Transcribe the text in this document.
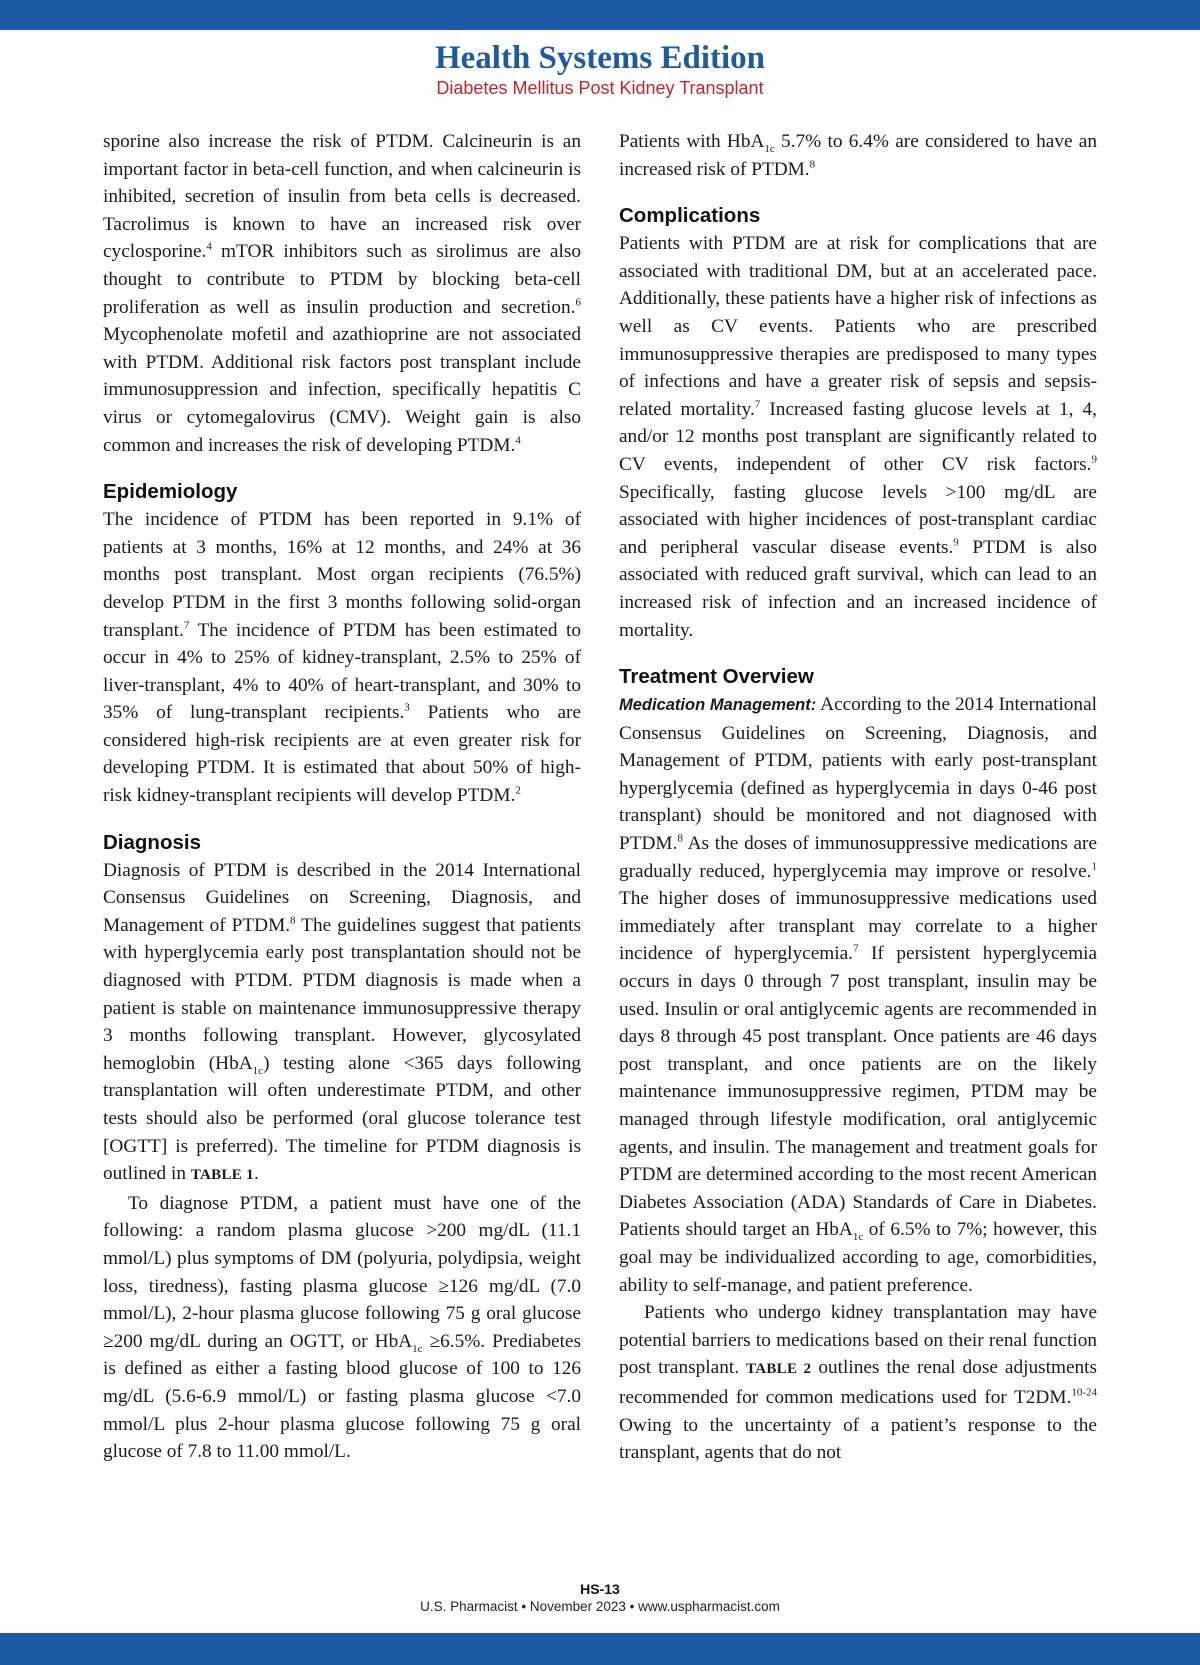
Health Systems Edition
Diabetes Mellitus Post Kidney Transplant

sporine also increase the risk of PTDM. Calcineurin is an important factor in beta-cell function, and when calcineurin is inhibited, secretion of insulin from beta cells is decreased. Tacrolimus is known to have an increased risk over cyclosporine.$^4$ mTOR inhibitors such as sirolimus are also thought to contribute to PTDM by blocking beta-cell proliferation as well as insulin production and secretion.$^6$ Mycophenolate mofetil and azathioprine are not associated with PTDM. Additional risk factors post transplant include immunosuppression and infection, specifically hepatitis C virus or cytomegalovirus (CMV). Weight gain is also common and increases the risk of developing PTDM.$^4$

Epidemiology

The incidence of PTDM has been reported in 9.1% of patients at 3 months, 16% at 12 months, and 24% at 36 months post transplant. Most organ recipients (76.5%) develop PTDM in the first 3 months following solid-organ transplant.$^7$ The incidence of PTDM has been estimated to occur in 4% to 25% of kidney-transplant, 2.5% to 25% of liver-transplant, 4% to 40% of heart-transplant, and 30% to 35% of lung-transplant recipients.$^3$ Patients who are considered high-risk recipients are at even greater risk for developing PTDM. It is estimated that about 50% of high-risk kidney-transplant recipients will develop PTDM.$^2$

Diagnosis

Diagnosis of PTDM is described in the 2014 International Consensus Guidelines on Screening, Diagnosis, and Management of PTDM.$^8$ The guidelines suggest that patients with hyperglycemia early post transplantation should not be diagnosed with PTDM. PTDM diagnosis is made when a patient is stable on maintenance immunosuppressive therapy 3 months following transplant. However, glycosylated hemoglobin (HbA$_{1c}$) testing alone <365 days following transplantation will often underestimate PTDM, and other tests should also be performed (oral glucose tolerance test [OGTT] is preferred). The timeline for PTDM diagnosis is outlined in TABLE 1.

To diagnose PTDM, a patient must have one of the following: a random plasma glucose >200 mg/dL (11.1 mmol/L) plus symptoms of DM (polyuria, polydipsia, weight loss, tiredness), fasting plasma glucose ≥126 mg/dL (7.0 mmol/L), 2-hour plasma glucose following 75 g oral glucose ≥200 mg/dL during an OGTT, or HbA$_{1c}$ ≥6.5%. Prediabetes is defined as either a fasting blood glucose of 100 to 126 mg/dL (5.6-6.9 mmol/L) or fasting plasma glucose <7.0 mmol/L plus 2-hour plasma glucose following 75 g oral glucose of 7.8 to 11.00 mmol/L.

Patients with HbA$_{1c}$ 5.7% to 6.4% are considered to have an increased risk of PTDM.$^8$

Complications

Patients with PTDM are at risk for complications that are associated with traditional DM, but at an accelerated pace. Additionally, these patients have a higher risk of infections as well as CV events. Patients who are prescribed immunosuppressive therapies are predisposed to many types of infections and have a greater risk of sepsis and sepsis-related mortality.$^7$ Increased fasting glucose levels at 1, 4, and/or 12 months post transplant are significantly related to CV events, independent of other CV risk factors.$^9$ Specifically, fasting glucose levels >100 mg/dL are associated with higher incidences of post-transplant cardiac and peripheral vascular disease events.$^9$ PTDM is also associated with reduced graft survival, which can lead to an increased risk of infection and an increased incidence of mortality.

Treatment Overview

Medication Management: According to the 2014 International Consensus Guidelines on Screening, Diagnosis, and Management of PTDM, patients with early post-transplant hyperglycemia (defined as hyperglycemia in days 0-46 post transplant) should be monitored and not diagnosed with PTDM.$^8$ As the doses of immunosuppressive medications are gradually reduced, hyperglycemia may improve or resolve.$^1$ The higher doses of immunosuppressive medications used immediately after transplant may correlate to a higher incidence of hyperglycemia.$^7$ If persistent hyperglycemia occurs in days 0 through 7 post transplant, insulin may be used. Insulin or oral antiglycemic agents are recommended in days 8 through 45 post transplant. Once patients are 46 days post transplant, and once patients are on the likely maintenance immunosuppressive regimen, PTDM may be managed through lifestyle modification, oral antiglycemic agents, and insulin. The management and treatment goals for PTDM are determined according to the most recent American Diabetes Association (ADA) Standards of Care in Diabetes. Patients should target an HbA$_{1c}$ of 6.5% to 7%; however, this goal may be individualized according to age, comorbidities, ability to self-manage, and patient preference.

Patients who undergo kidney transplantation may have potential barriers to medications based on their renal function post transplant. TABLE 2 outlines the renal dose adjustments recommended for common medications used for T2DM.$^{10-24}$ Owing to the uncertainty of a patient’s response to the transplant, agents that do not

HS-13
U.S. Pharmacist • November 2023 • www.uspharmacist.com
